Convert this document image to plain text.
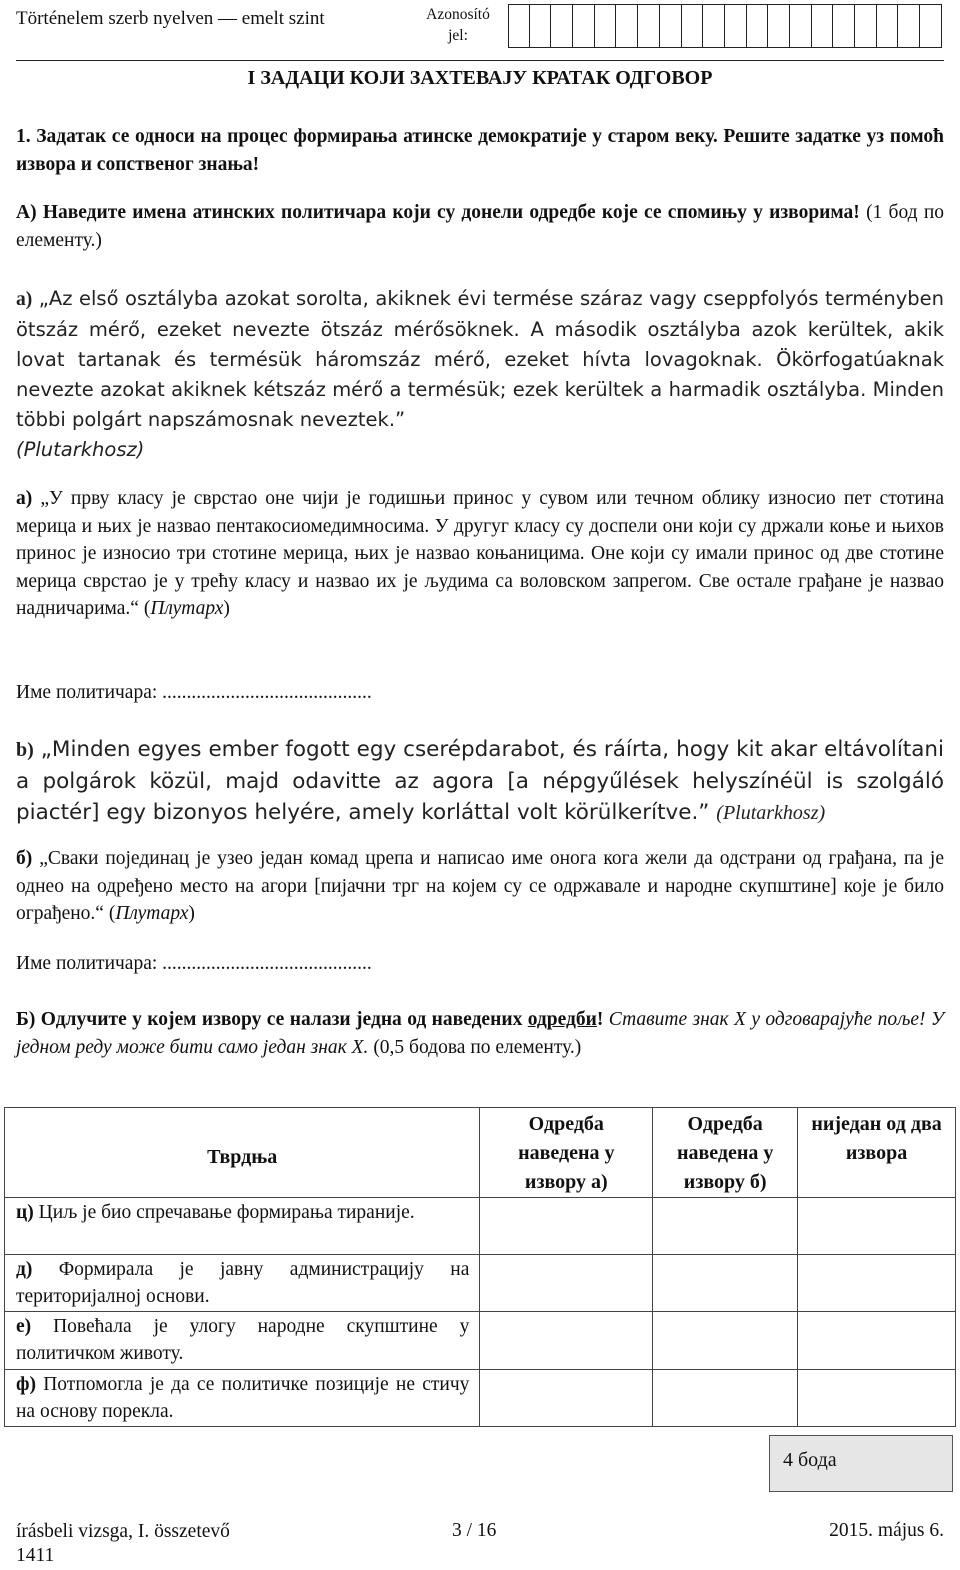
Történelem szerb nyelven — emelt szint	Azonosító
jel:
I ЗАДАЦИ КОЈИ ЗАХТЕВАЈУ КРАТАК ОДГОВОР
1. Задатак се односи на процес формирања атинске демократије у старом веку. Решите задатке уз помоћ извора и сопственог знања!
А) Наведите имена атинских политичара који су донели одредбе које се спомињу у изворима! (1 бод по елементу.)
а) „Az első osztályba azokat sorolta, akiknek évi termése száraz vagy cseppfolyós terményben ötszáz mérő, ezeket nevezte ötszáz mérősöknek. A második osztályba azok kerültek, akik lovat tartanak és termésük háromszáz mérő, ezeket hívta lovagoknak. Ökörfogatúaknak nevezte azokat akiknek kétszáz mérő a termésük; ezek kerültek a harmadik osztályba. Minden többi polgárt napszámosnak neveztek.”
(Plutarkhosz)
а) „У прву класу је сврстао оне чији је годишњи принос у сувом или течном облику износио пет стотина мерица и њих је назвао пентакосиомедимносима. У другуг класу су доспели они који су држали коње и њихов принос је износио три стотине мерица, њих је назвао коњаницима. Оне који су имали принос од две стотине мерица сврстао је у трећу класу и назвао их је људима са воловском запрегом. Све остале грађане је назвао надничарима.“ (Плутарх)
Име политичара: ...........................................
b) „Minden egyes ember fogott egy cserépdarabot, és ráírta, hogy kit akar eltávolítani a polgárok közül, majd odavitte az agora [a népgyűlések helyszínéül is szolgáló piactér] egy bizonyos helyére, amely korláttal volt körülkerítve.” (Plutarkhosz)
б) „Сваки појединац је узео један комад црепа и написао име онога кога жели да одстрани од грађана, па је однео на одређено место на агори [пијачни трг на којем су се одржавале и народне скупштине] које је било ограђено.“ (Плутарх)
Име политичара: ...........................................
Б) Одлучите у којем извору се налази једна од наведених одредби! Ставите знак Х у одговарајуће поље! У једном реду може бити само један знак Х. (0,5 бодова по елементу.)
Тврдња	Одредба наведена у извору а)	Одредба наведена у извору б)	ниједан од два извора
ц) Циљ је био спречавање формирања тираније.			
д) Формирала је јавну администрацију на територијалној основи.			
е) Повећала је улогу народне скупштине у политичком животу.			
ф) Потпомогла је да се политичке позиције не стичу на основу порекла.			
4 бода
írásbeli vizsga, I. összetevő
1411
3 / 16	2015. május 6.
